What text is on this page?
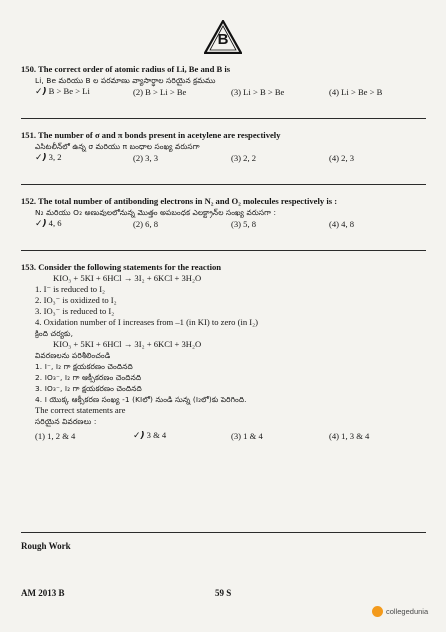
B
150. The correct order of atomic radius of Li, Be and B is
Li, Be మరియు B ల పరమాణు వ్యాసార్థాల సరియైన క్రమము
✓) B > Be > Li	(2) B > Li > Be	(3) Li > B > Be	(4) Li > Be > B
151. The number of σ and π bonds present in acetylene are respectively
ఎసిటలీన్‌లో ఉన్న σ మరియు π బంధాల సంఖ్య వరుసగా
✓) 3, 2	(2) 3, 3	(3) 2, 2	(4) 2, 3
152. The total number of antibonding electrons in N₂ and O₂ molecules respectively is :
N₂ మరియు O₂ అణువులలోనున్న మొత్తం అపబంధక ఎలక్ట్రాన్‌ల సంఖ్య వరుసగా :
✓) 4, 6	(2) 6, 8	(3) 5, 8	(4) 4, 8
153. Consider the following statements for the reaction
KIO₃ + 5KI + 6HCl → 3I₂ + 6KCl + 3H₂O
1. I⁻ is reduced to I₂
2. IO₃⁻ is oxidized to I₂
3. IO₃⁻ is reduced to I₂
4. Oxidation number of I increases from –1 (in KI) to zero (in I₂)
క్రింది చర్యకు,
KIO₃ + 5KI + 6HCl → 3I₂ + 6KCl + 3H₂O
వివరణలను పరిశీలించండి
1. I⁻, I₂ గా క్షయకరణం చెందినది
2. IO₃⁻, I₂ గా ఆక్సీకరణం చెందినది
3. IO₃⁻, I₂ గా క్షయకరణం చెందినది
4. I యొక్క ఆక్సీకరణ సంఖ్య -1 (KIలో) నుండి సున్న (I₂లో)కు పెరిగింది.
The correct statements are
సరియైన వివరణలు :
(1) 1, 2 & 4	✓) 3 & 4	(3) 1 & 4	(4) 1, 3 & 4
Rough Work
AM 2013 B	59 S
collegedunia
